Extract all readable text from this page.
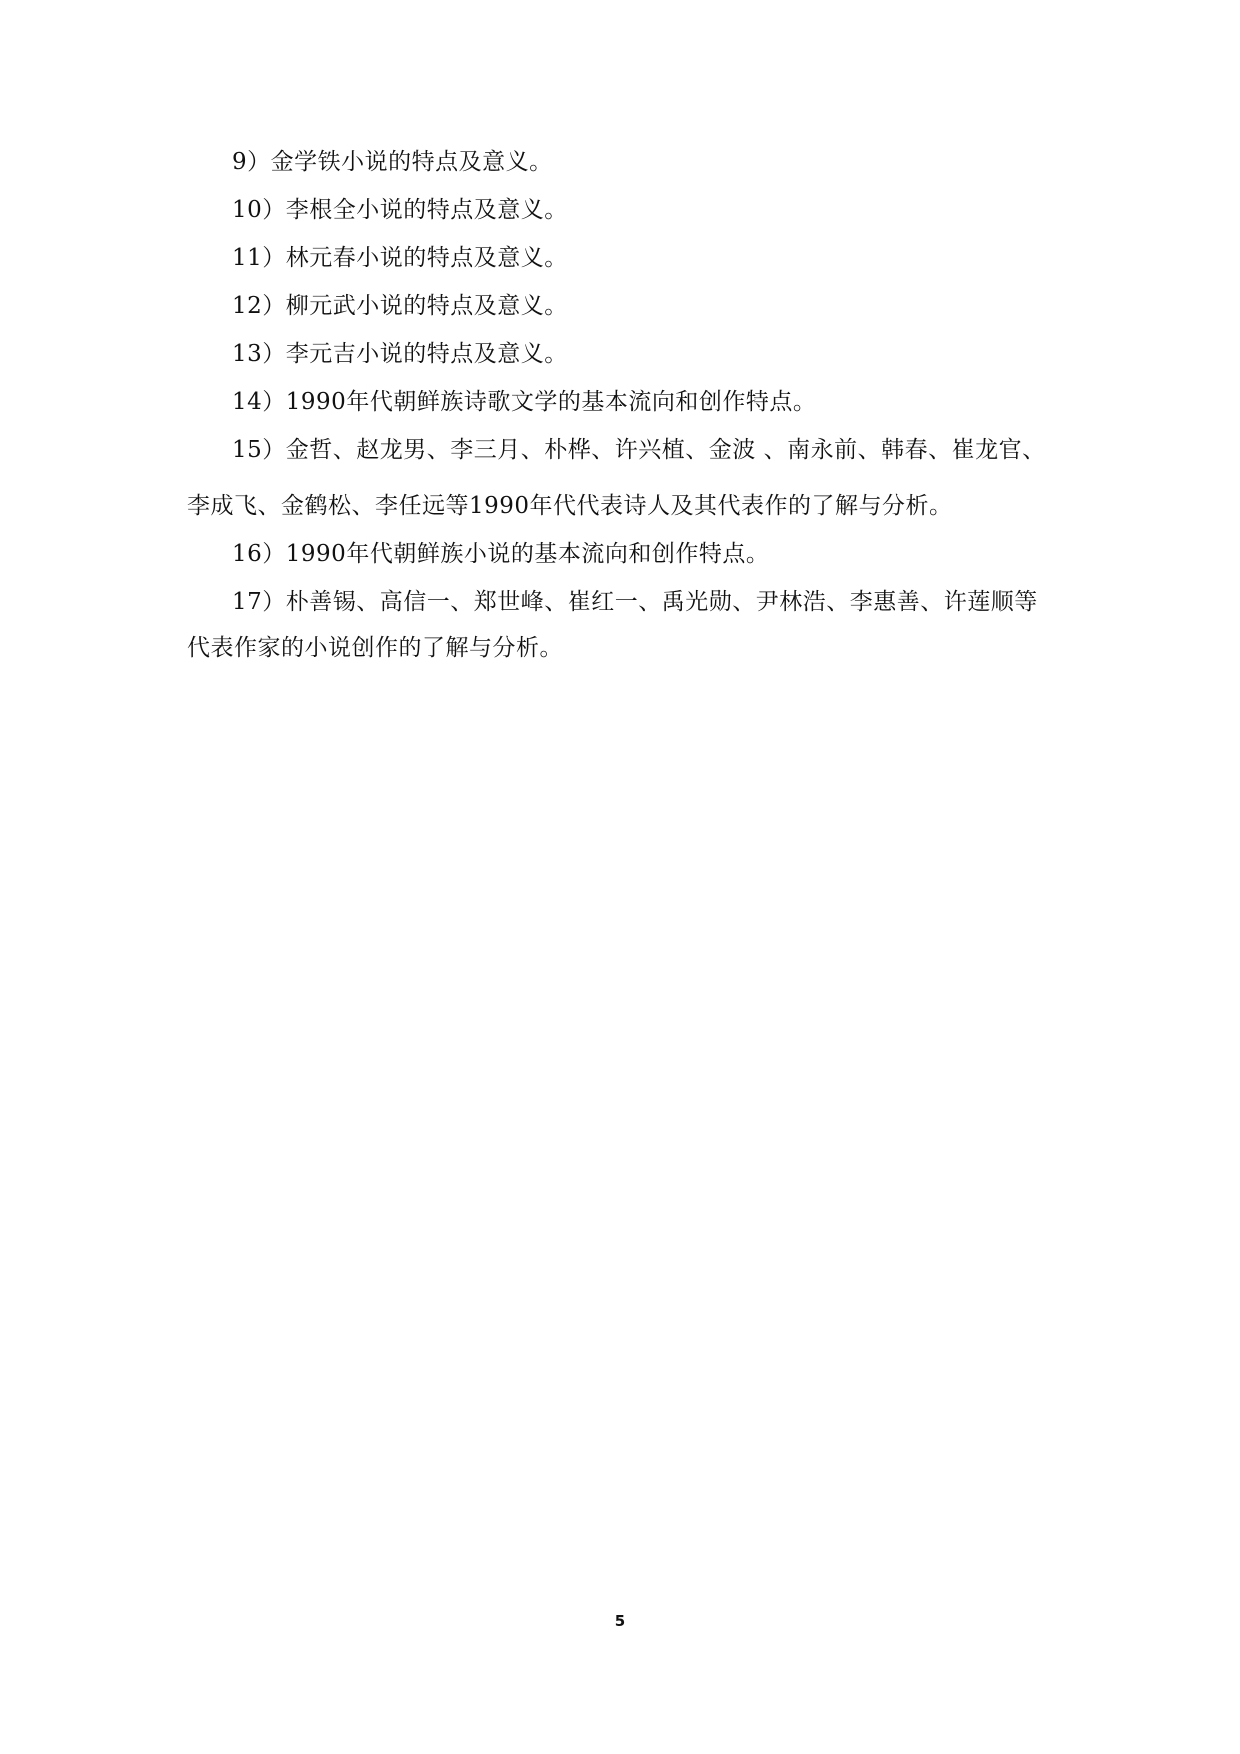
9）金学铁小说的特点及意义。

10）李根全小说的特点及意义。

11）林元春小说的特点及意义。

12）柳元武小说的特点及意义。

13）李元吉小说的特点及意义。

14）1990年代朝鲜族诗歌文学的基本流向和创作特点。

15）金哲、赵龙男、李三月、朴桦、许兴植、金波 、南永前、韩春、崔龙官、李成飞、金鹤松、李任远等1990年代代表诗人及其代表作的了解与分析。

16）1990年代朝鲜族小说的基本流向和创作特点。

17）朴善锡、高信一、郑世峰、崔红一、禹光勋、尹林浩、李惠善、许莲顺等代表作家的小说创作的了解与分析。

5
